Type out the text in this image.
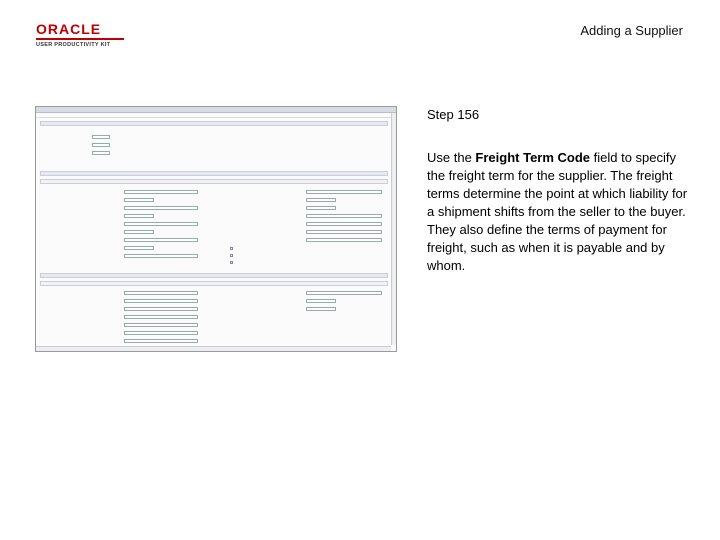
ORACLE
USER PRODUCTIVITY KIT
Adding a Supplier
Step 156
Use the Freight Term Code field to specify the freight term for the supplier. The freight terms determine the point at which liability for a shipment shifts from the seller to the buyer. They also define the terms of payment for freight, such as when it is payable and by whom.
